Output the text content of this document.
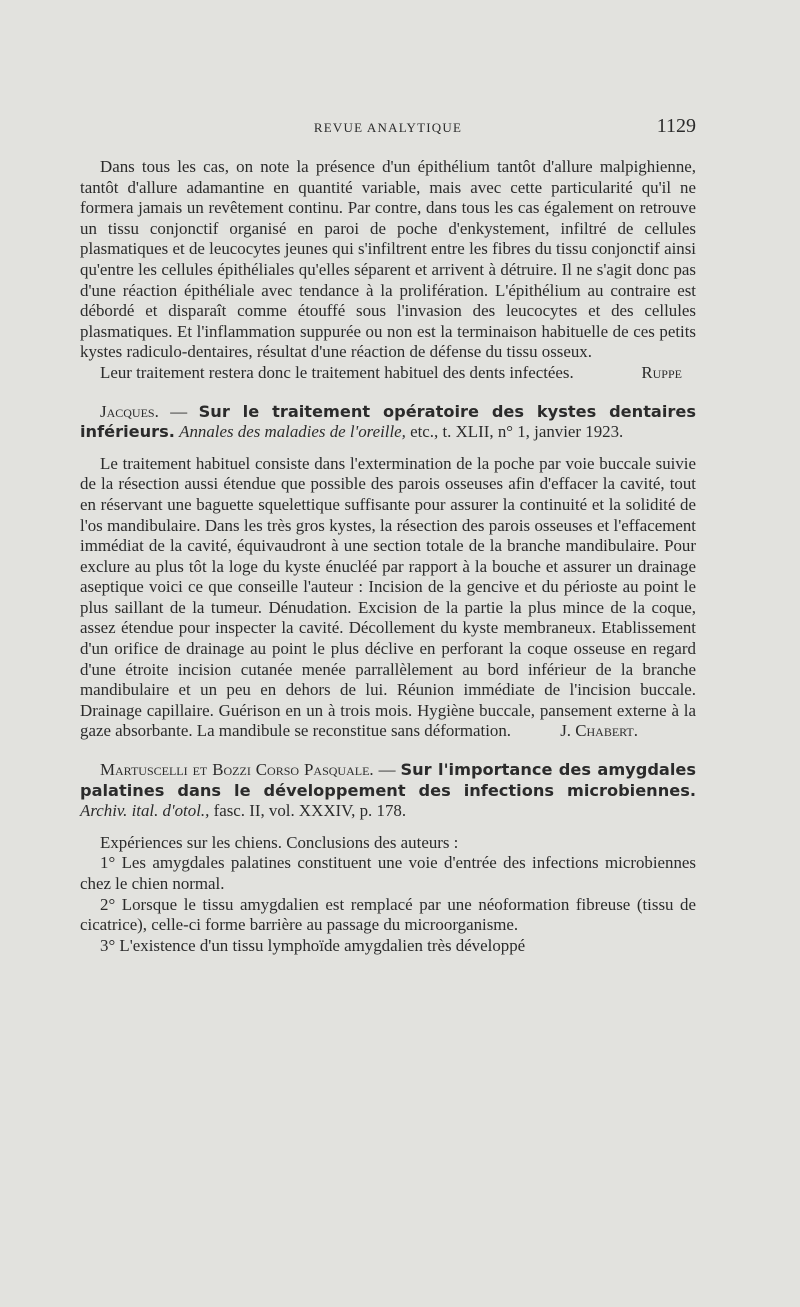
REVUE ANALYTIQUE	1129

Dans tous les cas, on note la présence d'un épithélium tantôt d'allure malpighienne, tantôt d'allure adamantine en quantité variable, mais avec cette particularité qu'il ne formera jamais un revêtement continu. Par contre, dans tous les cas également on retrouve un tissu conjonctif organisé en paroi de poche d'enkystement, infiltré de cellules plasmatiques et de leucocytes jeunes qui s'infiltrent entre les fibres du tissu conjonctif ainsi qu'entre les cellules épithéliales qu'elles séparent et arrivent à détruire. Il ne s'agit donc pas d'une réaction épithéliale avec tendance à la prolifération. L'épithélium au contraire est débordé et disparaît comme étouffé sous l'invasion des leucocytes et des cellules plasmatiques. Et l'inflammation suppurée ou non est la terminaison habituelle de ces petits kystes radiculo-dentaires, résultat d'une réaction de défense du tissu osseux.

Leur traitement restera donc le traitement habituel des dents infectées.	Ruppe

Jacques. — Sur le traitement opératoire des kystes dentaires inférieurs. Annales des maladies de l'oreille, etc., t. XLII, n° 1, janvier 1923.

Le traitement habituel consiste dans l'extermination de la poche par voie buccale suivie de la résection aussi étendue que possible des parois osseuses afin d'effacer la cavité, tout en réservant une baguette squelettique suffisante pour assurer la continuité et la solidité de l'os mandibulaire. Dans les très gros kystes, la résection des parois osseuses et l'effacement immédiat de la cavité, équivaudront à une section totale de la branche mandibulaire. Pour exclure au plus tôt la loge du kyste énucléé par rapport à la bouche et assurer un drainage aseptique voici ce que conseille l'auteur : Incision de la gencive et du périoste au point le plus saillant de la tumeur. Dénudation. Excision de la partie la plus mince de la coque, assez étendue pour inspecter la cavité. Décollement du kyste membraneux. Etablissement d'un orifice de drainage au point le plus déclive en perforant la coque osseuse en regard d'une étroite incision cutanée menée parrallèlement au bord inférieur de la branche mandibulaire et un peu en dehors de lui. Réunion immédiate de l'incision buccale. Drainage capillaire. Guérison en un à trois mois. Hygiène buccale, pansement externe à la gaze absorbante. La mandibule se reconstitue sans déformation.	J. Chabert.

Martuscelli et Bozzi Corso Pasquale. — Sur l'importance des amygdales palatines dans le développement des infections microbiennes. Archiv. ital. d'otol., fasc. II, vol. XXXIV, p. 178.

Expériences sur les chiens. Conclusions des auteurs :

1° Les amygdales palatines constituent une voie d'entrée des infections microbiennes chez le chien normal.

2° Lorsque le tissu amygdalien est remplacé par une néoformation fibreuse (tissu de cicatrice), celle-ci forme barrière au passage du microorganisme.

3° L'existence d'un tissu lymphoïde amygdalien très développé
